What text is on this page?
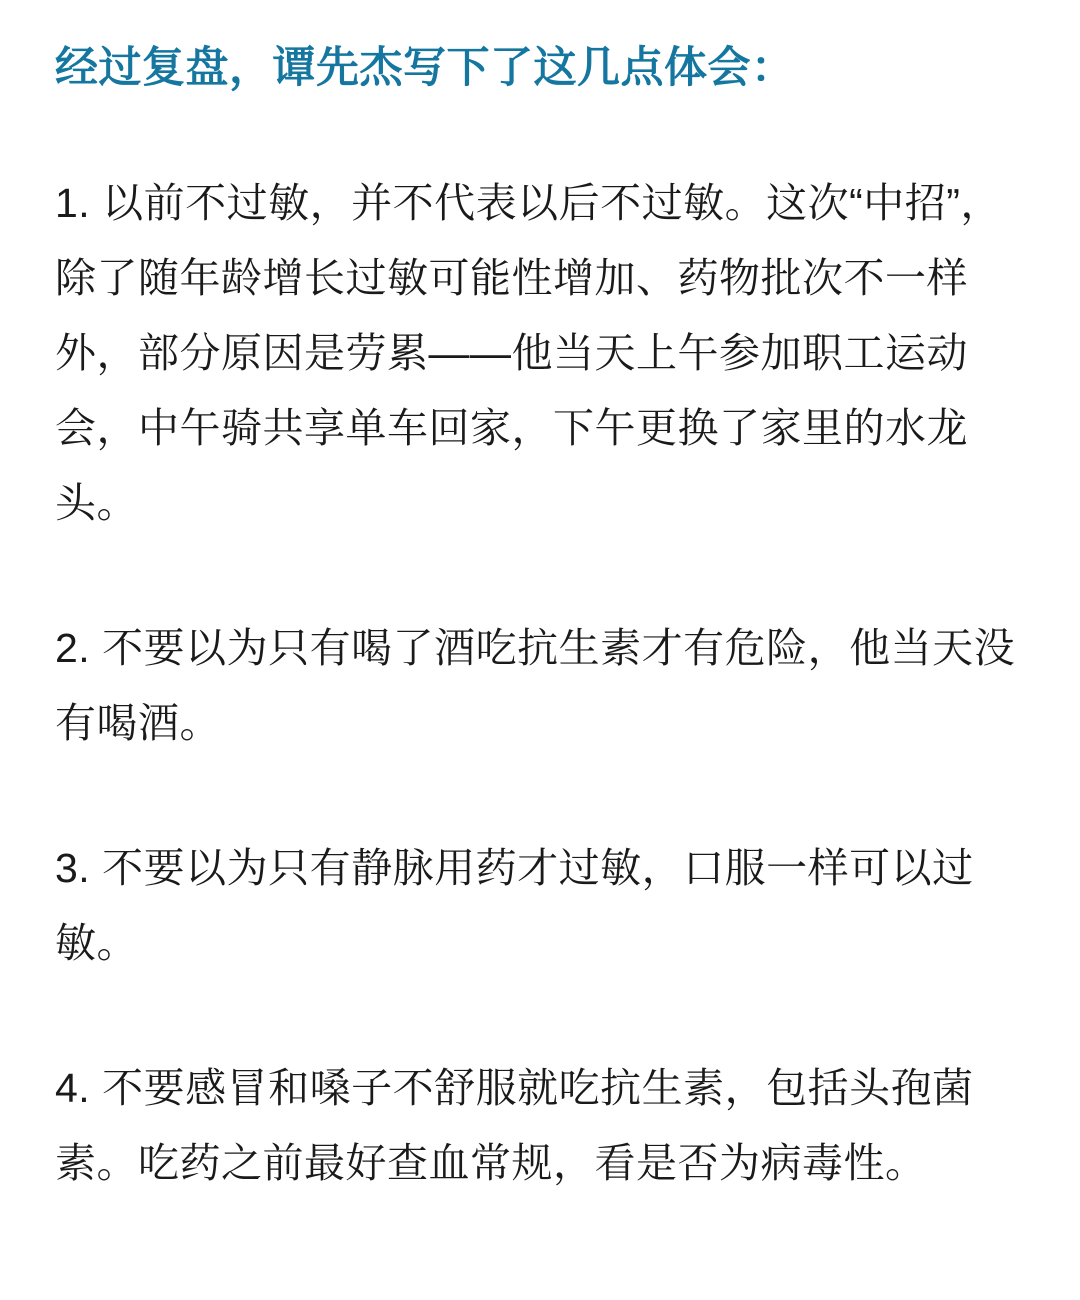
经过复盘，谭先杰写下了这几点体会：

1. 以前不过敏，并不代表以后不过敏。这次“中招”，除了随年龄增长过敏可能性增加、药物批次不一样外，部分原因是劳累——他当天上午参加职工运动会，中午骑共享单车回家，下午更换了家里的水龙头。

2. 不要以为只有喝了酒吃抗生素才有危险，他当天没有喝酒。

3. 不要以为只有静脉用药才过敏，口服一样可以过敏。

4. 不要感冒和嗓子不舒服就吃抗生素，包括头孢菌素。吃药之前最好查血常规，看是否为病毒性。
